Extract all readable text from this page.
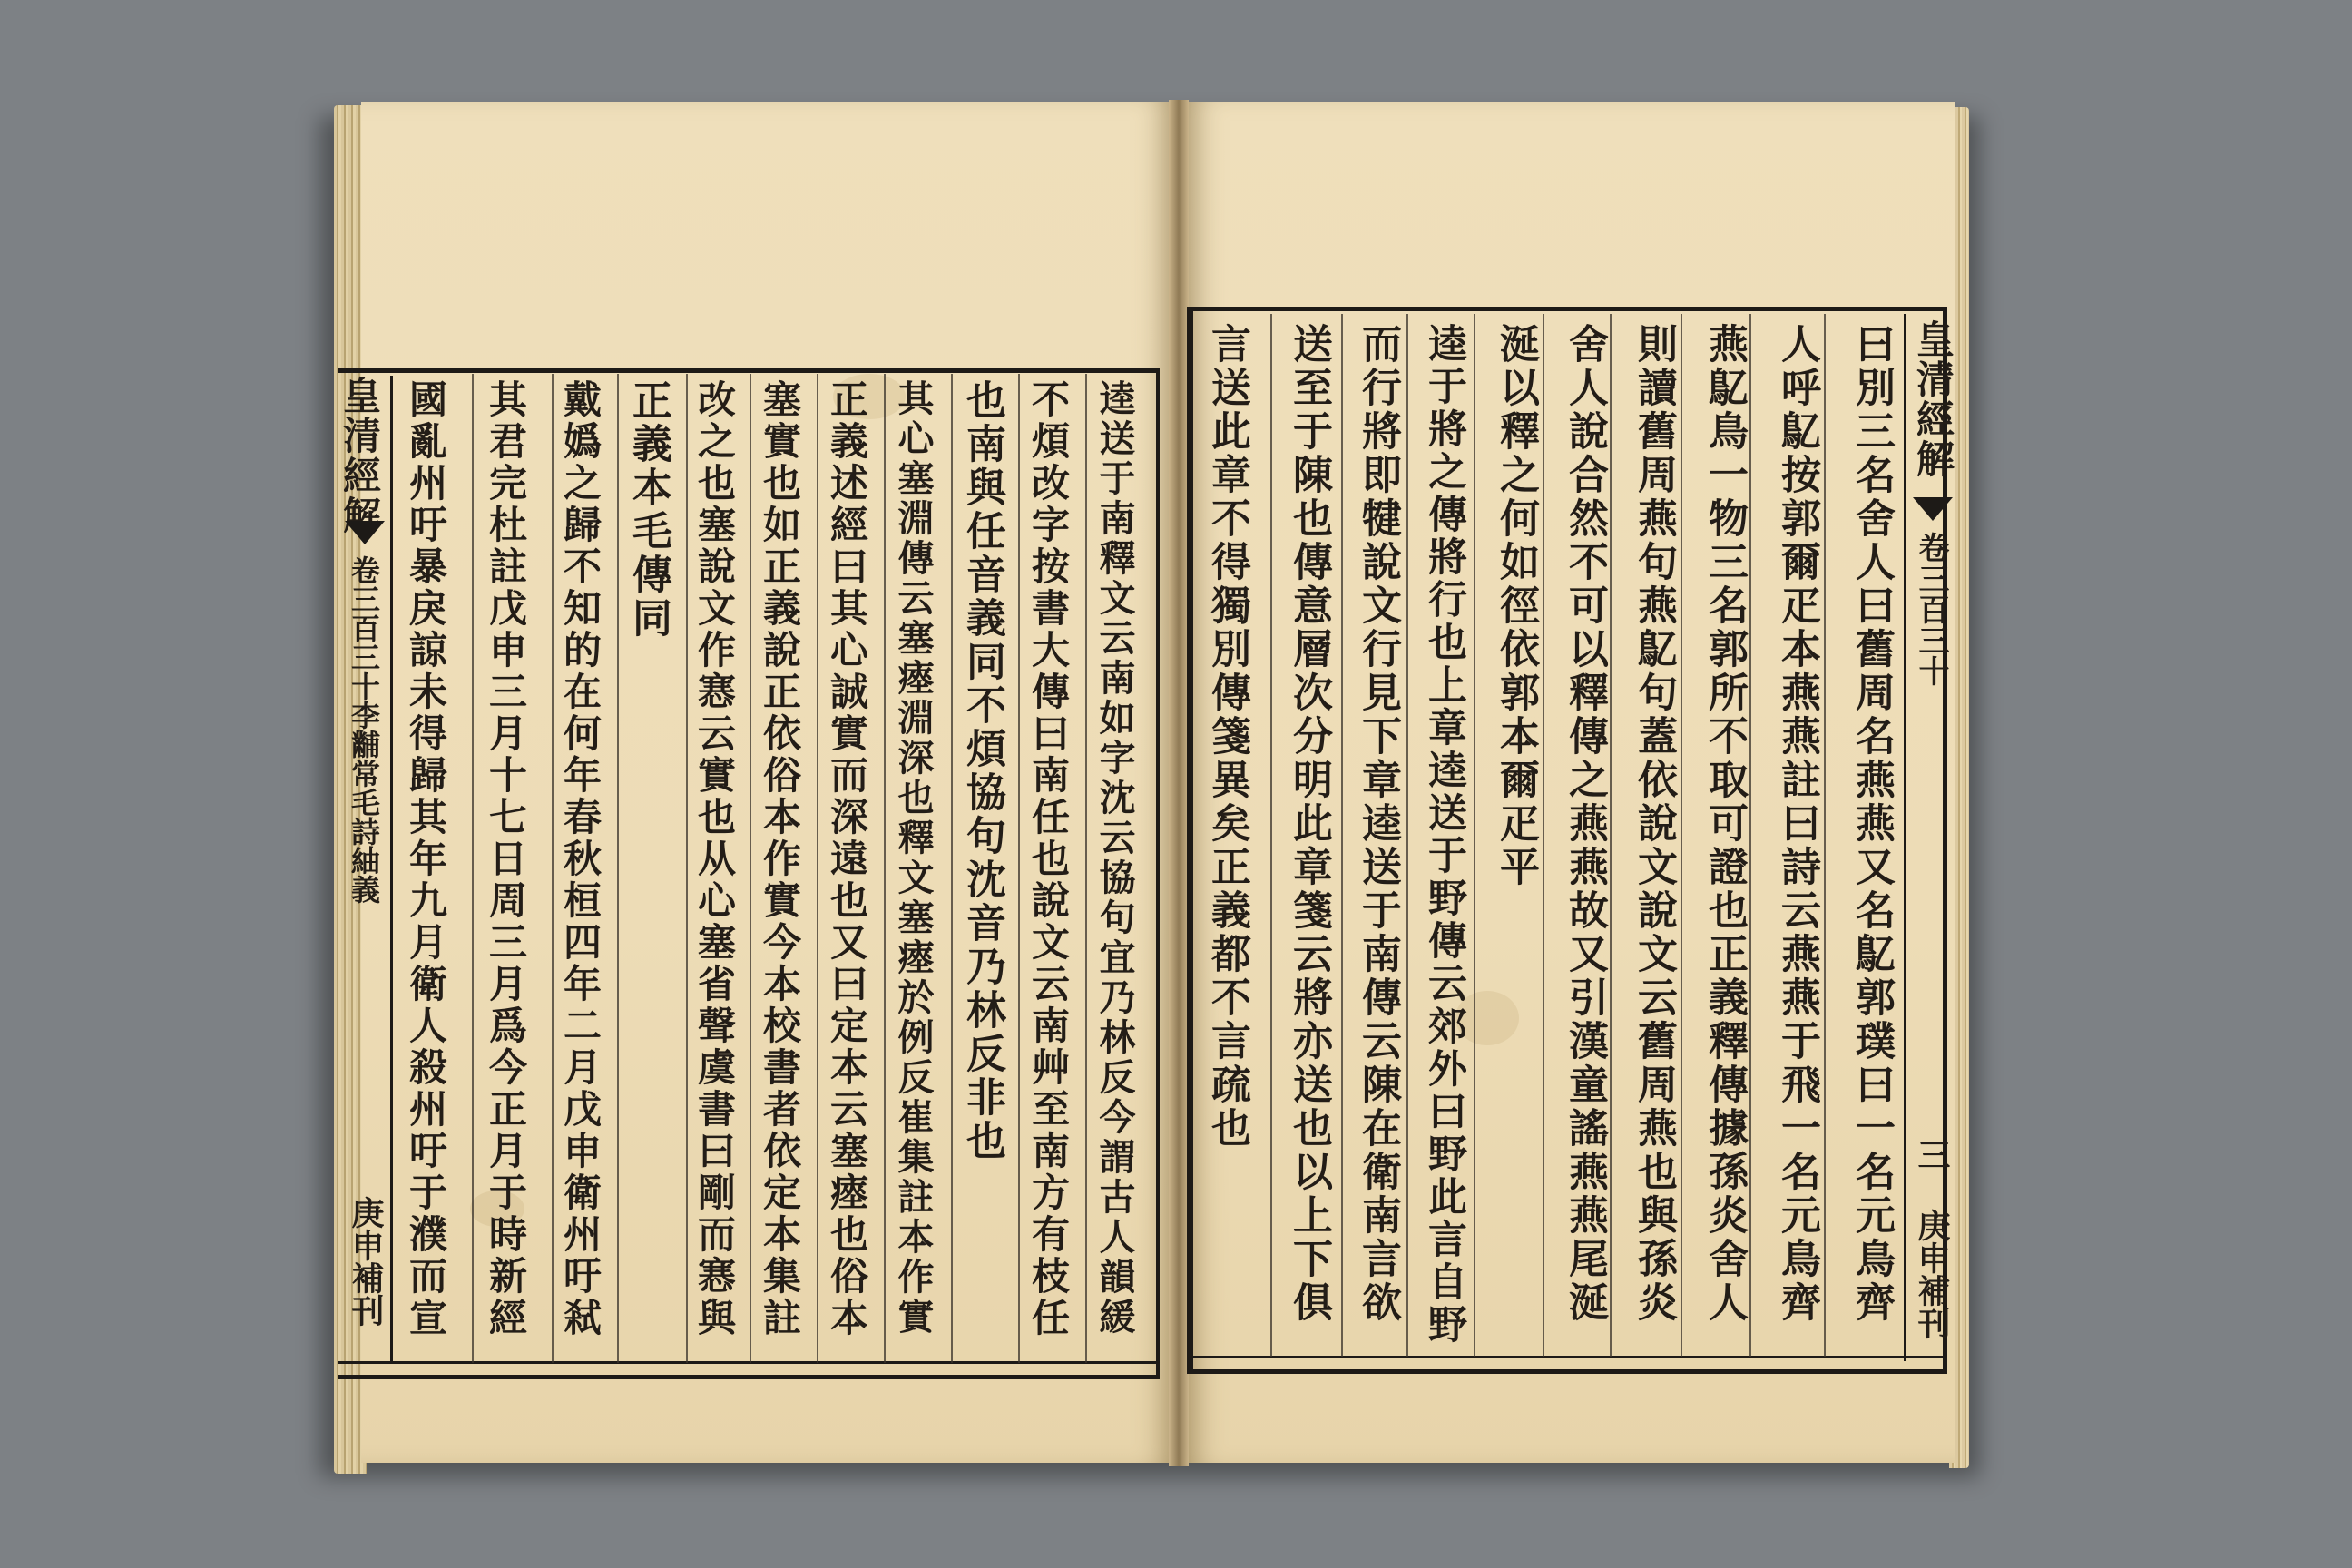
皇清經解
卷三百三十李黼常毛詩紬義
庚申補刊	逵送于南釋文云南如字沈云協句宜乃林反今謂古人韻緩
不煩改字按書大傳曰南任也說文云南艸至南方有枝任
也南與任音義同不煩協句沈音乃林反非也
其心塞淵傳云塞瘞淵深也釋文塞瘞於例反崔集註本作實
正義述經曰其心誠實而深遠也又曰定本云塞瘞也俗本
塞實也如正義說正依俗本作實今本校書者依定本集註
改之也塞說文作㥶云實也从心塞省聲虞書曰剛而㥶與
正義本毛傳同
戴嬀之歸不知的在何年春秋桓四年二月戊申衛州吁弒
其君完杜註戊申三月十七日周三月爲今正月于時新經
國亂州吁暴戾諒未得歸其年九月衛人殺州吁于濮而宣	皇清經解
卷三百三十
三 庚申補刊
曰別三名舍人曰舊周名燕燕又名鳦郭璞曰一名元鳥齊
人呼鳦按郭爾疋本燕燕註曰詩云燕燕于飛一名元鳥齊
燕鳦鳥一物三名郭所不取可證也正義釋傳據孫炎舍人
則讀舊周燕句燕鳦句蓋依說文說文云舊周燕也與孫炎
舍人說合然不可以釋傳之燕燕故又引漢童謠燕燕尾涎
涎以釋之何如徑依郭本爾疋平
逵于將之傳將行也上章逵送于野傳云郊外曰野此言自野
而行將即犍說文行見下章逵送于南傳云陳在衛南言欲
送至于陳也傳意層次分明此章箋云將亦送也以上下俱
言送此章不得獨別傳箋異矣正義都不言疏也
